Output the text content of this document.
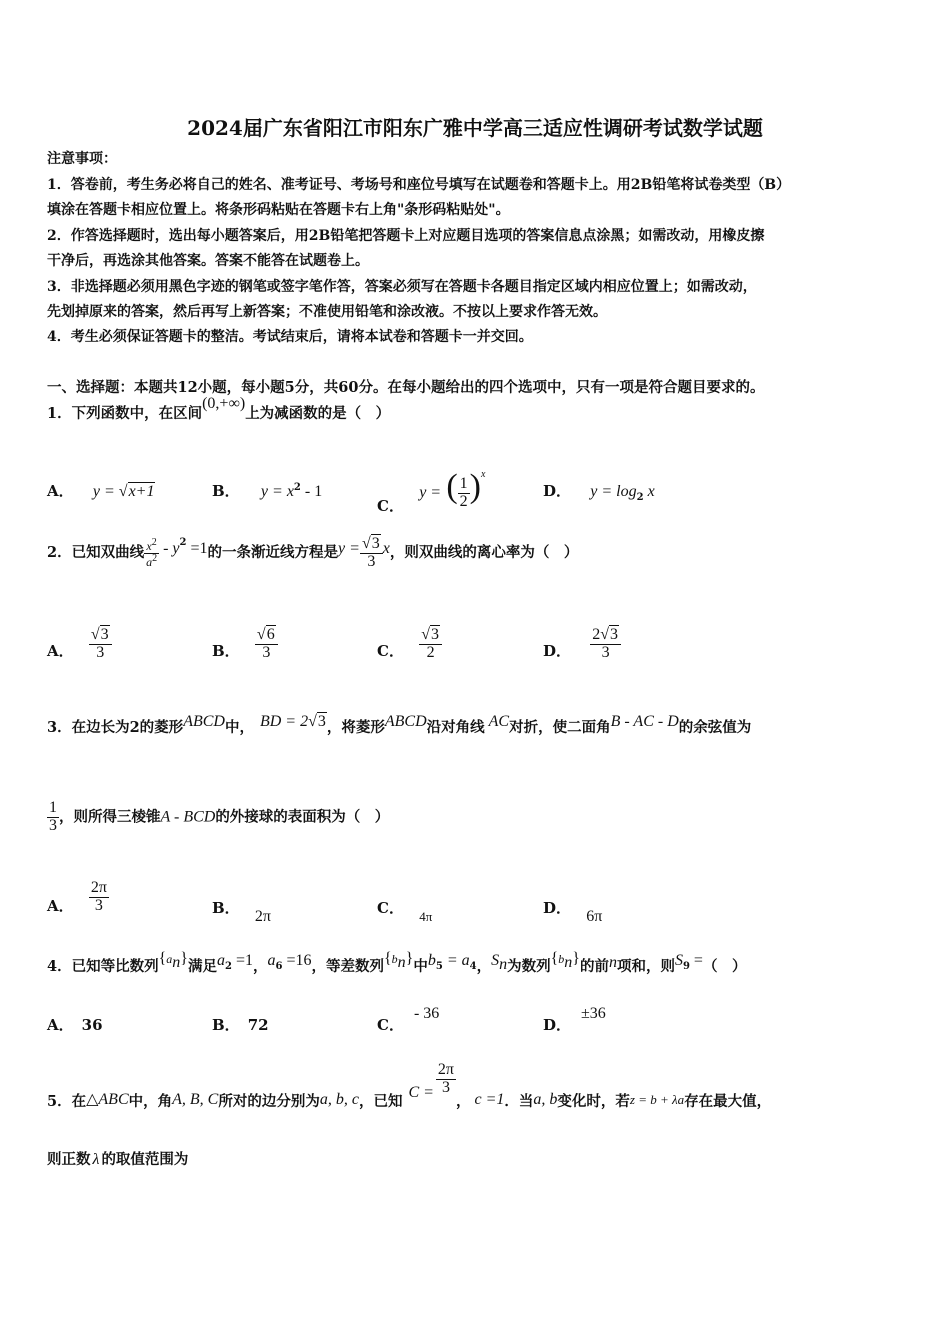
2024届广东省阳江市阳东广雅中学高三适应性调研考试数学试题
注意事项：
1．答卷前，考生务必将自己的姓名、准考证号、考场号和座位号填写在试题卷和答题卡上。用2B铅笔将试卷类型（B）
填涂在答题卡相应位置上。将条形码粘贴在答题卡右上角"条形码粘贴处"。
2．作答选择题时，选出每小题答案后，用2B铅笔把答题卡上对应题目选项的答案信息点涂黑；如需改动，用橡皮擦
干净后，再选涂其他答案。答案不能答在试题卷上。
3．非选择题必须用黑色字迹的钢笔或签字笔作答，答案必须写在答题卡各题目指定区域内相应位置上；如需改动，
先划掉原来的答案，然后再写上新答案；不准使用铅笔和涂改液。不按以上要求作答无效。
4．考生必须保证答题卡的整洁。考试结束后，请将本试卷和答题卡一并交回。
一、选择题：本题共12小题，每小题5分，共60分。在每小题给出的四个选项中，只有一项是符合题目要求的。
1．下列函数中，在区间(0,+∞)上为减函数的是（　）
A． y = √x+1	B． $y = x^2 - 1$
C． y = ( $\frac{1}{2} )^x$
D． $y = \log_2 x$
2．已知双曲线 $\frac{x^2}{a^2} - y^2 =1$的一条渐近线方程是$y = \frac{√3}{3}$ x，则双曲线的离心率为（　）
A． $\frac{√3}{3}$	B． $\frac{√6}{3}$	C． $\frac{√3}{2}$	D． $\frac{2√3}{3}$
3．在边长为2的菱形ABCD中， BD = 2√3，将菱形ABCD沿对角线 AC对折，使二面角B - AC - D的余弦值为
$\frac{1}{3}$ ，则所得三棱锥A - BCD的外接球的表面积为（　）
A． $\frac{2\pi}{3}$	B． 2π	C． 4π	D． 6π
4．已知等比数列{$^a_n$}满足$a_2 =1$，$a_6 =16$，等差数列{$^b_n$}中$b_5 = a_4$，$S_n$为数列{$^b_n$}的前n项和，则$S_9$ =（　）
A． 36	B． 72	C．- 36
D．±36
5．在△ABC中，角A, B, C所对的边分别为a, b, c，已知$C = \frac{2\pi}{3}$
， c =1．当a, b变化时，若z = b + λa存在最大值，
则正数 λ 的取值范围为
